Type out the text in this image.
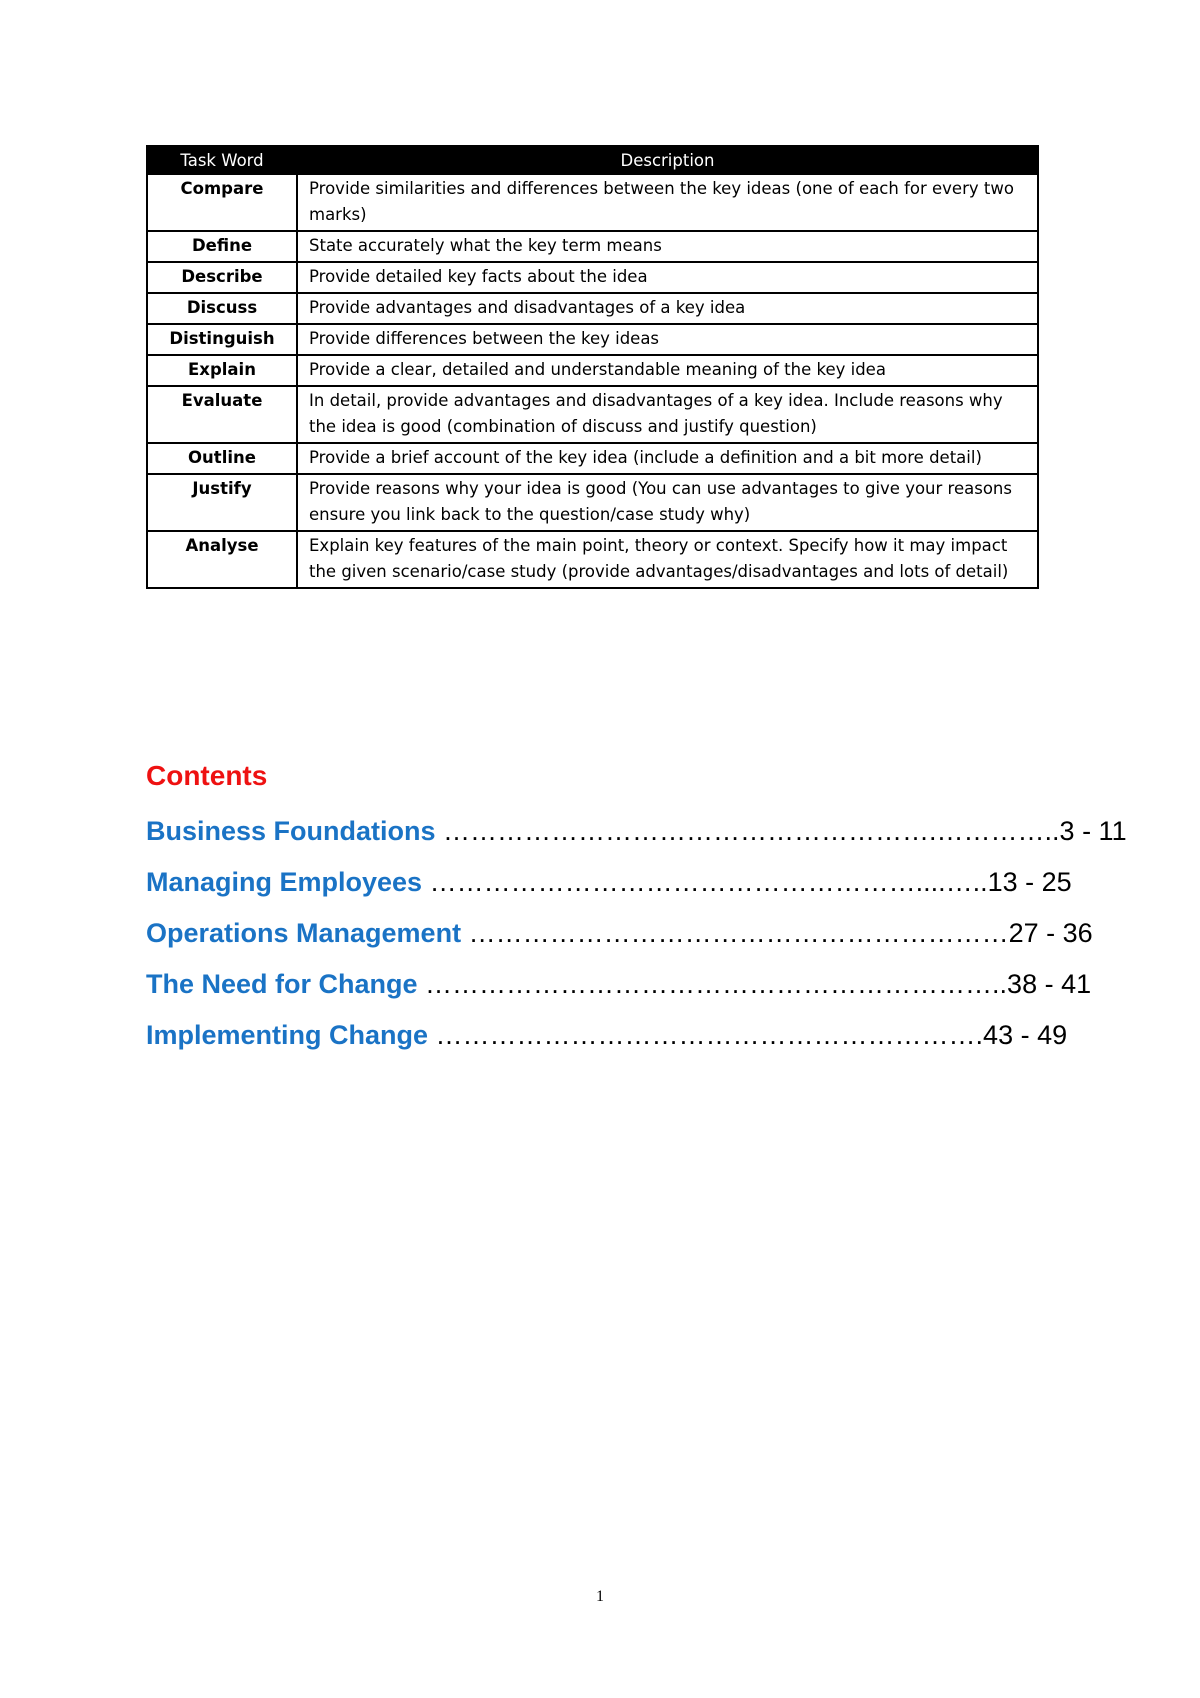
Task Word	Description
Compare	Provide similarities and differences between the key ideas (one of each for every two marks)
Define	State accurately what the key term means
Describe	Provide detailed key facts about the idea
Discuss	Provide advantages and disadvantages of a key idea
Distinguish	Provide differences between the key ideas
Explain	Provide a clear, detailed and understandable meaning of the key idea
Evaluate	In detail, provide advantages and disadvantages of a key idea. Include reasons why the idea is good (combination of discuss and justify question)
Outline	Provide a brief account of the key idea (include a definition and a bit more detail)
Justify	Provide reasons why your idea is good (You can use advantages to give your reasons ensure you link back to the question/case study why)
Analyse	Explain key features of the main point, theory or context. Specify how it may impact the given scenario/case study (provide advantages/disadvantages and lots of detail)
Contents
Business Foundations ……………………………………………….…………..3 - 11
Managing Employees ………………………………………………....…..13 - 25
Operations Management ……………………………………………………27 - 36
The Need for Change ………………………………………………………..38 - 41
Implementing Change …………………………………………………….43 - 49
1
